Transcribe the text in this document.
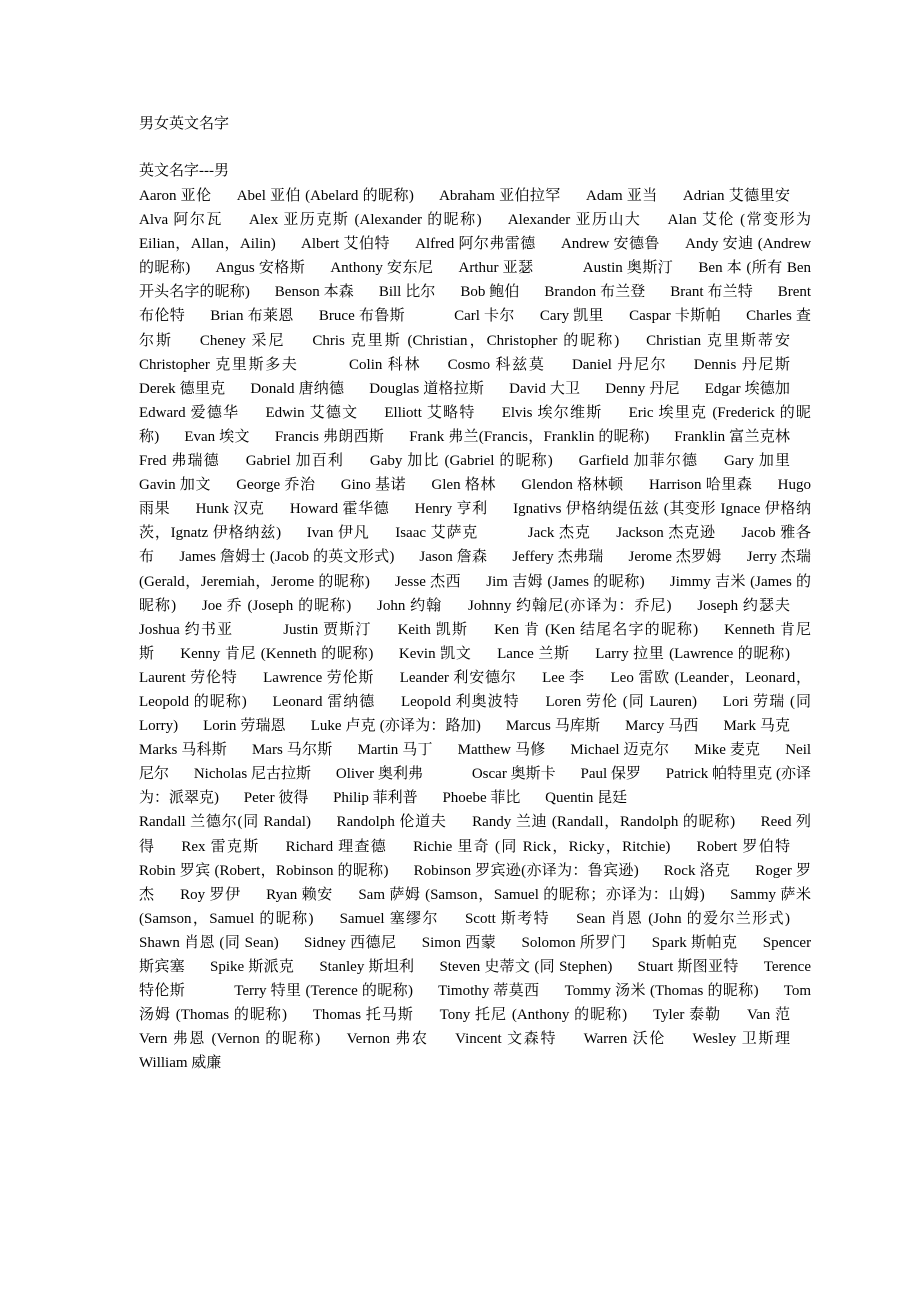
男女英文名字
英文名字---男
Aaron 亚伦 Abel 亚伯 (Abelard 的昵称) Abraham 亚伯拉罕 Adam 亚当 Adrian 艾德里安 Alva 阿尔瓦 Alex 亚历克斯 (Alexander 的昵称) Alexander 亚历山大 Alan 艾伦 (常变形为 Eilian，Allan，Ailin) Albert 艾伯特 Alfred 阿尔弗雷德 Andrew 安德鲁 Andy 安迪 (Andrew 的昵称) Angus 安格斯 Anthony 安东尼 Arthur 亚瑟	Austin 奥斯汀 Ben 本 (所有 Ben 开头名字的昵称) Benson 本森 Bill 比尔 Bob 鲍伯 Brandon 布兰登 Brant 布兰特 Brent 布伦特 Brian 布莱恩 Bruce 布鲁斯	Carl 卡尔 Cary 凯里 Caspar 卡斯帕 Charles 查尔斯 Cheney 采尼 Chris 克里斯 (Christian，Christopher 的昵称) Christian 克里斯蒂安 Christopher 克里斯多夫	Colin 科林 Cosmo 科兹莫 Daniel 丹尼尔 Dennis 丹尼斯 Derek 德里克 Donald 唐纳德 Douglas 道格拉斯 David 大卫 Denny 丹尼 Edgar 埃德加 Edward 爱德华 Edwin 艾德文 Elliott 艾略特 Elvis 埃尔维斯 Eric 埃里克 (Frederick 的昵称) Evan 埃文 Francis 弗朗西斯 Frank 弗兰(Francis，Franklin 的昵称) Franklin 富兰克林 Fred 弗瑞德 Gabriel 加百利 Gaby 加比 (Gabriel 的昵称) Garfield 加菲尔德 Gary 加里 Gavin 加文 George 乔治 Gino 基诺 Glen 格林 Glendon 格林顿 Harrison 哈里森 Hugo 雨果 Hunk 汉克 Howard 霍华德 Henry 亨利 Ignativs 伊格纳缇伍兹 (其变形 Ignace 伊格纳茨，Ignatz 伊格纳兹) Ivan 伊凡 Isaac 艾萨克	Jack 杰克 Jackson 杰克逊 Jacob 雅各布 James 詹姆士 (Jacob 的英文形式) Jason 詹森 Jeffery 杰弗瑞 Jerome 杰罗姆 Jerry 杰瑞 (Gerald，Jeremiah，Jerome 的昵称) Jesse 杰西 Jim 吉姆 (James 的昵称) Jimmy 吉米 (James 的昵称) Joe 乔 (Joseph 的昵称) John 约翰 Johnny 约翰尼(亦译为：乔尼) Joseph 约瑟夫 Joshua 约书亚	Justin 贾斯汀 Keith 凯斯 Ken 肯 (Ken 结尾名字的昵称) Kenneth 肯尼斯 Kenny 肯尼 (Kenneth 的昵称) Kevin 凯文 Lance 兰斯 Larry 拉里 (Lawrence 的昵称) Laurent 劳伦特 Lawrence 劳伦斯 Leander 利安德尔 Lee 李 Leo 雷欧 (Leander，Leonard，Leopold 的昵称) Leonard 雷纳德 Leopold 利奥波特 Loren 劳伦 (同 Lauren) Lori 劳瑞 (同 Lorry) Lorin 劳瑞恩 Luke 卢克 (亦译为：路加) Marcus 马库斯 Marcy 马西 Mark 马克 Marks 马科斯 Mars 马尔斯 Martin 马丁 Matthew 马修 Michael 迈克尔 Mike 麦克 Neil 尼尔 Nicholas 尼古拉斯 Oliver 奥利弗	Oscar 奥斯卡 Paul 保罗 Patrick 帕特里克 (亦译为：派翠克) Peter 彼得 Philip 菲利普 Phoebe 菲比 Quentin 昆廷
Randall 兰德尔(同 Randal) Randolph 伦道夫 Randy 兰迪 (Randall，Randolph 的昵称) Reed 列得 Rex 雷克斯 Richard 理查德 Richie 里奇 (同 Rick，Ricky，Ritchie) Robert 罗伯特 Robin 罗宾 (Robert，Robinson 的昵称) Robinson 罗宾逊(亦译为：鲁宾逊) Rock 洛克 Roger 罗杰 Roy 罗伊 Ryan 赖安 Sam 萨姆 (Samson，Samuel 的昵称；亦译为：山姆) Sammy 萨米 (Samson，Samuel 的昵称) Samuel 塞缪尔 Scott 斯考特 Sean 肖恩 (John 的爱尔兰形式) Shawn 肖恩 (同 Sean) Sidney 西德尼 Simon 西蒙 Solomon 所罗门 Spark 斯帕克 Spencer 斯宾塞 Spike 斯派克 Stanley 斯坦利 Steven 史蒂文 (同 Stephen) Stuart 斯图亚特 Terence 特伦斯	Terry 特里 (Terence 的昵称) Timothy 蒂莫西 Tommy 汤米 (Thomas 的昵称) Tom 汤姆 (Thomas 的昵称) Thomas 托马斯 Tony 托尼 (Anthony 的昵称) Tyler 泰勒 Van 范 Vern 弗恩 (Vernon 的昵称) Vernon 弗农 Vincent 文森特 Warren 沃伦 Wesley 卫斯理 William 威廉
